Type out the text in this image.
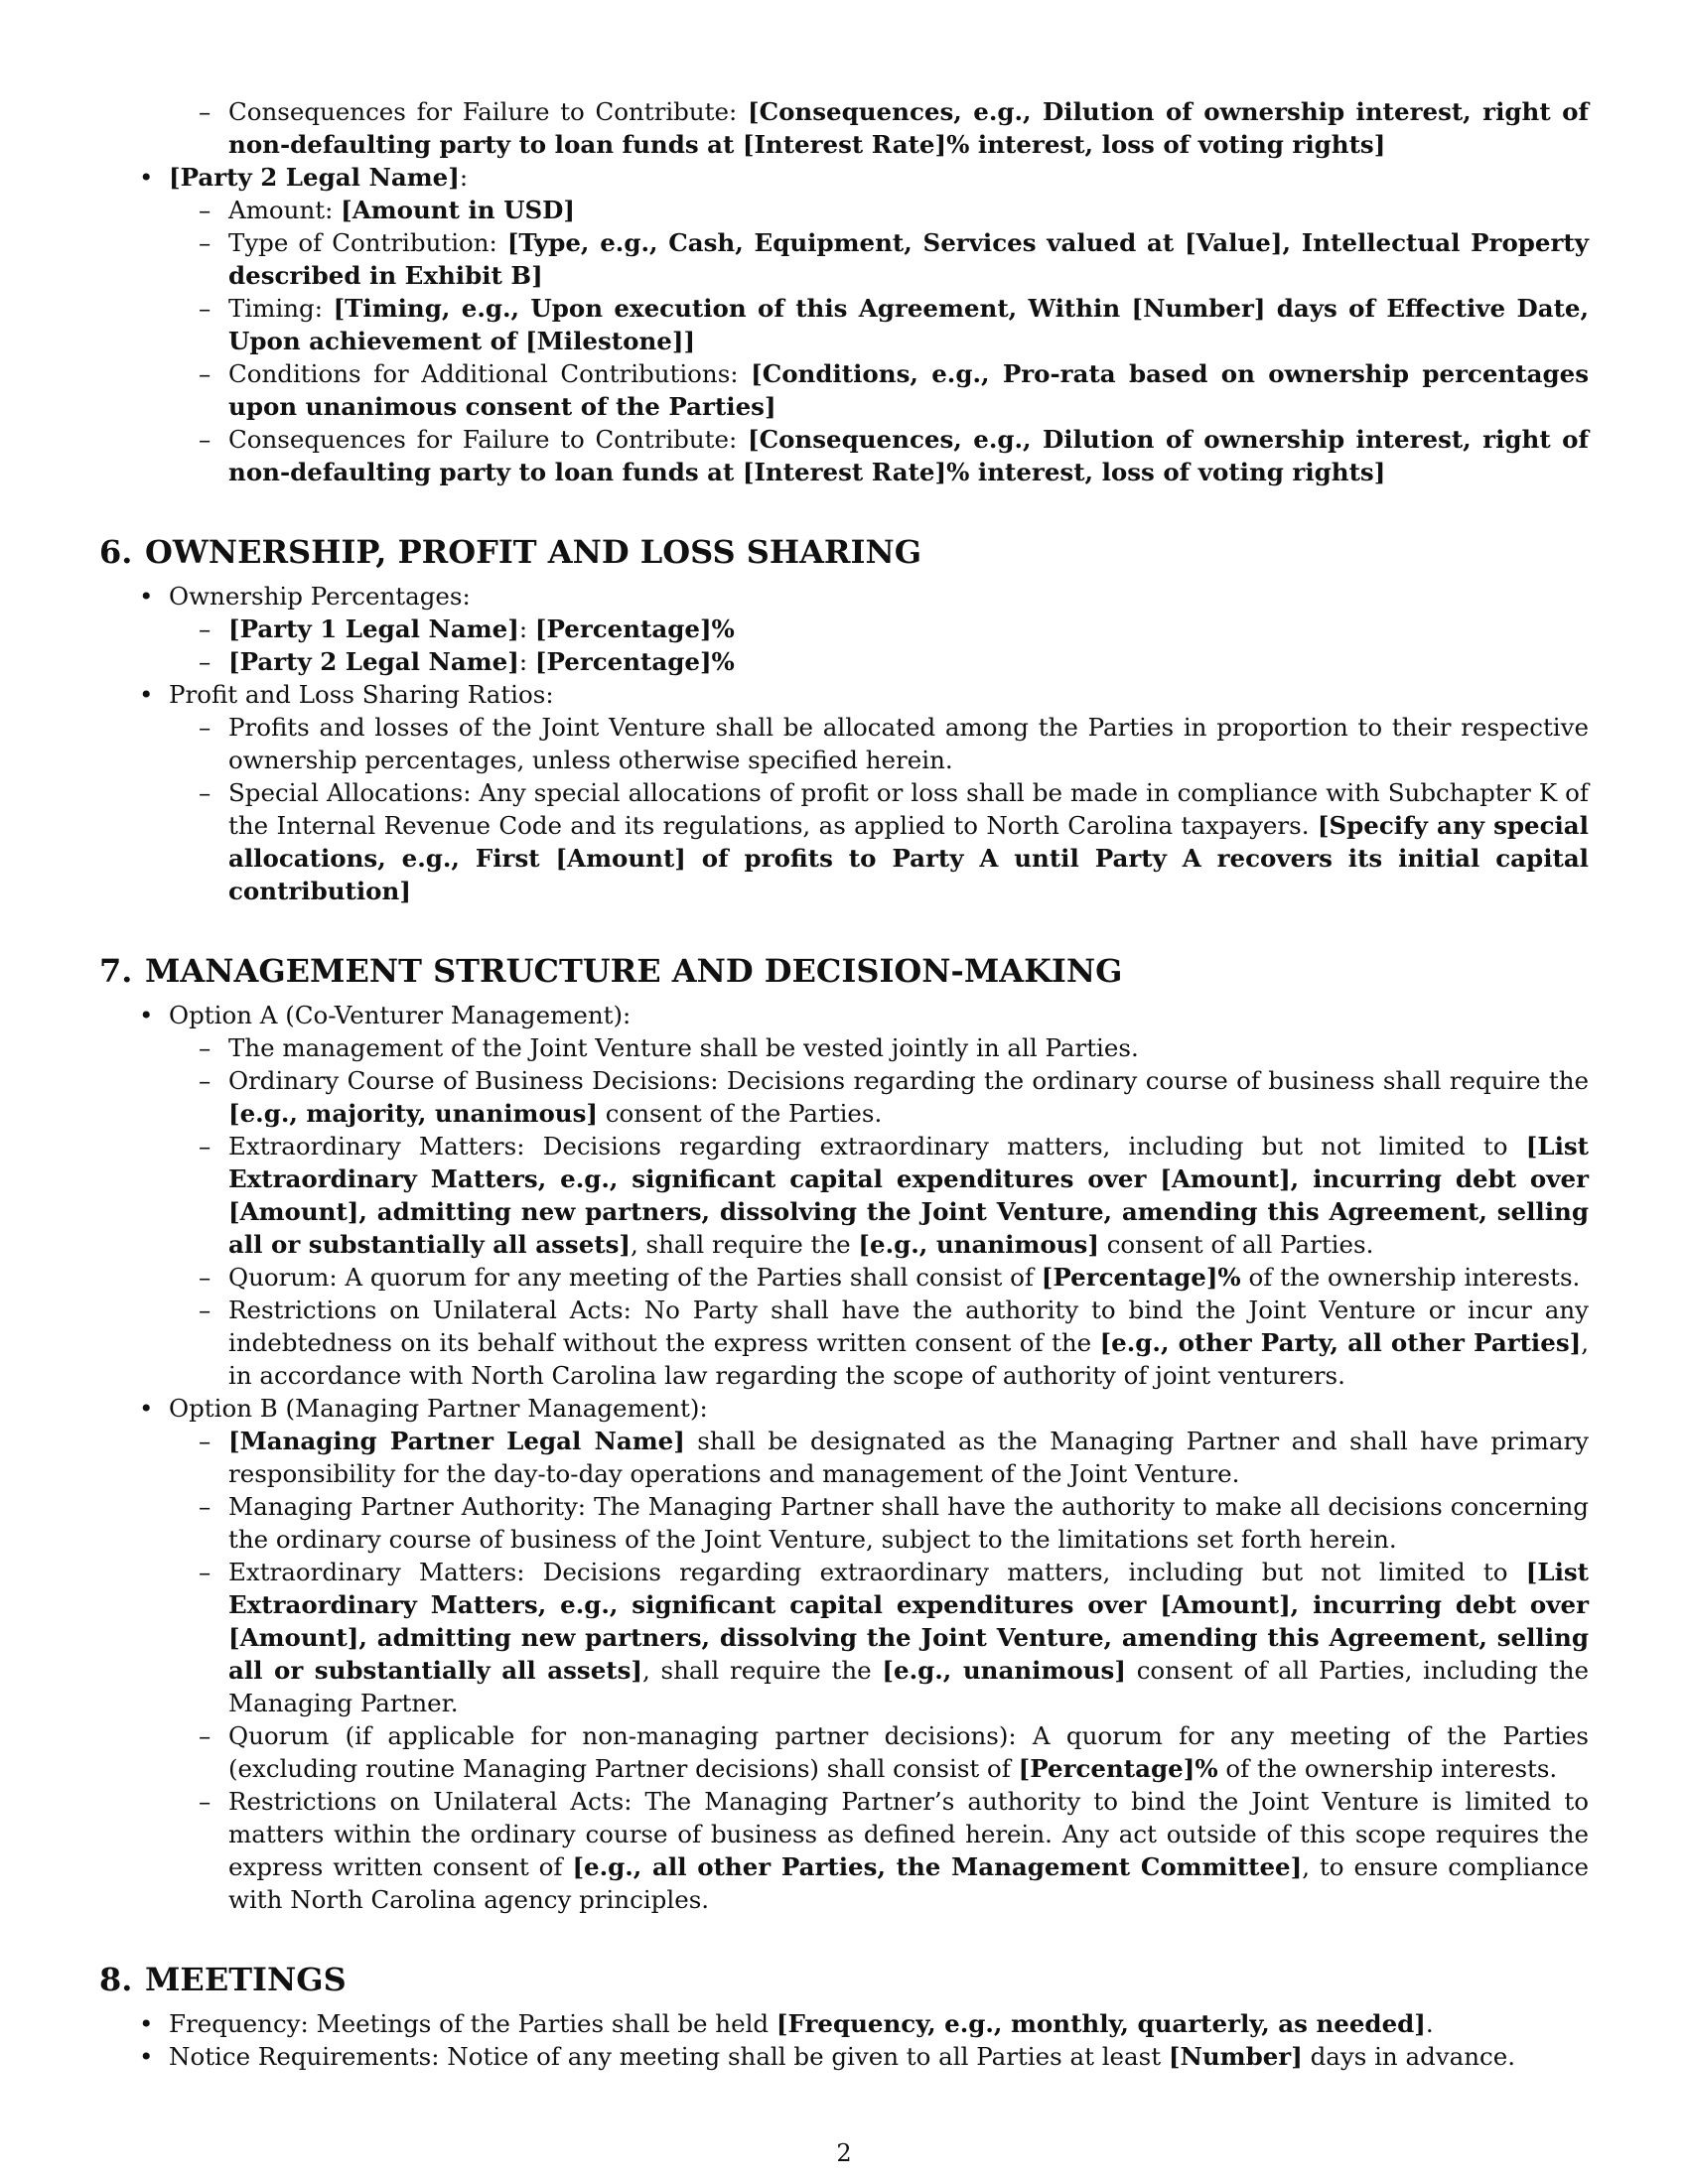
– Consequences for Failure to Contribute: [Consequences, e.g., Dilution of ownership interest, right of non-defaulting party to loan funds at [Interest Rate]% interest, loss of voting rights]
• [Party 2 Legal Name]:
– Amount: [Amount in USD]
– Type of Contribution: [Type, e.g., Cash, Equipment, Services valued at [Value], Intellectual Property described in Exhibit B]
– Timing: [Timing, e.g., Upon execution of this Agreement, Within [Number] days of Effective Date, Upon achievement of [Milestone]]
– Conditions for Additional Contributions: [Conditions, e.g., Pro-rata based on ownership percentages upon unanimous consent of the Parties]
– Consequences for Failure to Contribute: [Consequences, e.g., Dilution of ownership interest, right of non-defaulting party to loan funds at [Interest Rate]% interest, loss of voting rights]
6. OWNERSHIP, PROFIT AND LOSS SHARING
• Ownership Percentages:
– [Party 1 Legal Name]: [Percentage]%
– [Party 2 Legal Name]: [Percentage]%
• Profit and Loss Sharing Ratios:
– Profits and losses of the Joint Venture shall be allocated among the Parties in proportion to their respective ownership percentages, unless otherwise specified herein.
– Special Allocations: Any special allocations of profit or loss shall be made in compliance with Subchapter K of the Internal Revenue Code and its regulations, as applied to North Carolina taxpayers. [Specify any special allocations, e.g., First [Amount] of profits to Party A until Party A recovers its initial capital contribution]
7. MANAGEMENT STRUCTURE AND DECISION-MAKING
• Option A (Co-Venturer Management):
– The management of the Joint Venture shall be vested jointly in all Parties.
– Ordinary Course of Business Decisions: Decisions regarding the ordinary course of business shall require the [e.g., majority, unanimous] consent of the Parties.
– Extraordinary Matters: Decisions regarding extraordinary matters, including but not limited to [List Extraordinary Matters, e.g., significant capital expenditures over [Amount], incurring debt over [Amount], admitting new partners, dissolving the Joint Venture, amending this Agreement, selling all or substantially all assets], shall require the [e.g., unanimous] consent of all Parties.
– Quorum: A quorum for any meeting of the Parties shall consist of [Percentage]% of the ownership interests.
– Restrictions on Unilateral Acts: No Party shall have the authority to bind the Joint Venture or incur any indebtedness on its behalf without the express written consent of the [e.g., other Party, all other Parties], in accordance with North Carolina law regarding the scope of authority of joint venturers.
• Option B (Managing Partner Management):
– [Managing Partner Legal Name] shall be designated as the Managing Partner and shall have primary responsibility for the day-to-day operations and management of the Joint Venture.
– Managing Partner Authority: The Managing Partner shall have the authority to make all decisions concerning the ordinary course of business of the Joint Venture, subject to the limitations set forth herein.
– Extraordinary Matters: Decisions regarding extraordinary matters, including but not limited to [List Extraordinary Matters, e.g., significant capital expenditures over [Amount], incurring debt over [Amount], admitting new partners, dissolving the Joint Venture, amending this Agreement, selling all or substantially all assets], shall require the [e.g., unanimous] consent of all Parties, including the Managing Partner.
– Quorum (if applicable for non-managing partner decisions): A quorum for any meeting of the Parties (excluding routine Managing Partner decisions) shall consist of [Percentage]% of the ownership interests.
– Restrictions on Unilateral Acts: The Managing Partner’s authority to bind the Joint Venture is limited to matters within the ordinary course of business as defined herein. Any act outside of this scope requires the express written consent of [e.g., all other Parties, the Management Committee], to ensure compliance with North Carolina agency principles.
8. MEETINGS
• Frequency: Meetings of the Parties shall be held [Frequency, e.g., monthly, quarterly, as needed].
• Notice Requirements: Notice of any meeting shall be given to all Parties at least [Number] days in advance.
2
